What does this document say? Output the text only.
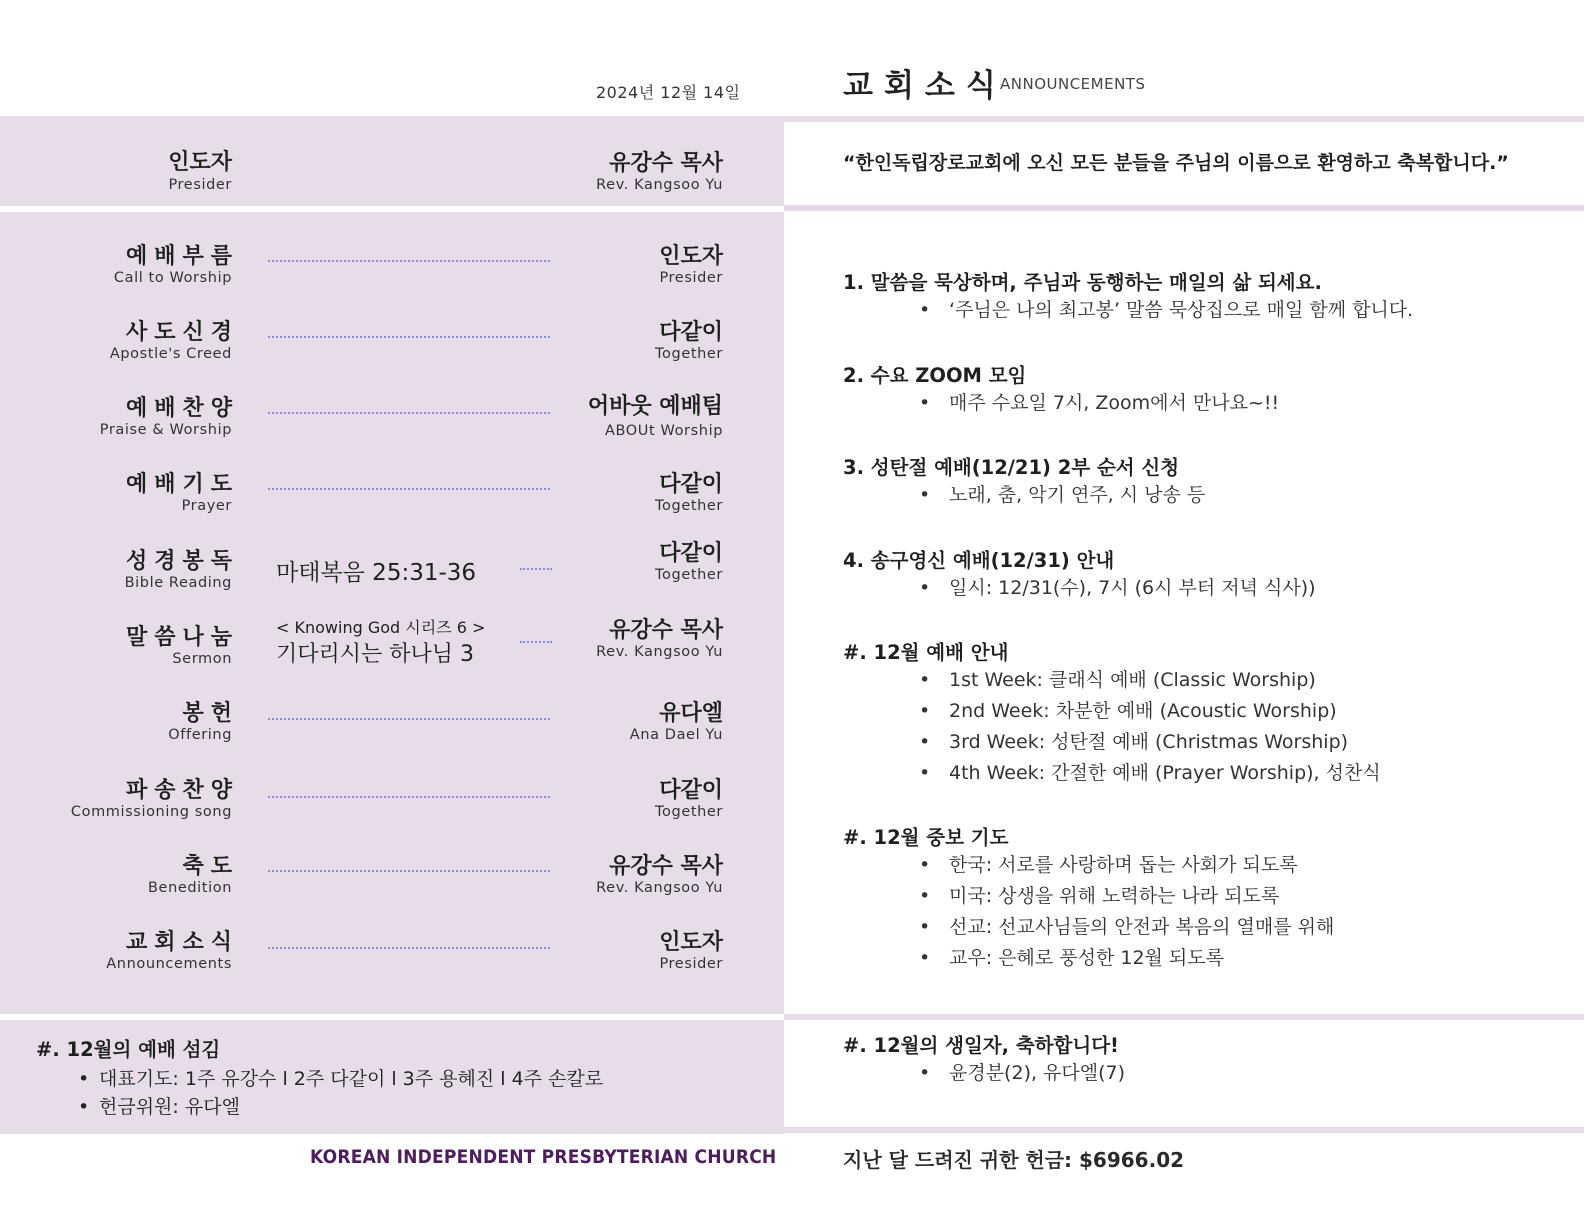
2024년 12월 14일	교회소식
ANNOUNCEMENTS
인도자
Presider
유강수 목사
Rev. Kangsoo Yu
예배부름
Call to Worship
인도자
Presider
사도신경
Apostle's Creed
다같이
Together
예배찬양
Praise & Worship
어바웃 예배팀
ABOUt Worship
예배기도
Prayer
다같이
Together
성경봉독
Bible Reading 마태복음 25:31-36
다같이
Together
말씀나눔
Sermon
< Knowing God 시리즈 6 >
기다리시는 하나님 3
유강수 목사
Rev. Kangsoo Yu
봉헌
Offering
유다엘
Ana Dael Yu
파송찬양
Commissioning song
다같이
Together
축도
Benedition
유강수 목사
Rev. Kangsoo Yu
교회소식
Announcements
인도자
Presider
#. 12월의 예배 섬김
• 대표기도: 1주 유강수 l 2주 다같이 l 3주 용혜진 l 4주 손칼로
• 헌금위원: 유다엘
KOREAN INDEPENDENT PRESBYTERIAN CHURCH	지난 달 드려진 귀한 헌금: $6966.02
“한인독립장로교회에 오신 모든 분들을 주님의 이름으로 환영하고 축복합니다.”
1. 말씀을 묵상하며, 주님과 동행하는 매일의 삶 되세요.
• ‘주님은 나의 최고봉’ 말씀 묵상집으로 매일 함께 합니다.
2. 수요 ZOOM 모임
• 매주 수요일 7시, Zoom에서 만나요~!!
3. 성탄절 예배(12/21) 2부 순서 신청
• 노래, 춤, 악기 연주, 시 낭송 등
4. 송구영신 예배(12/31) 안내
• 일시: 12/31(수), 7시 (6시 부터 저녁 식사))
#. 12월 예배 안내
• 1st Week: 클래식 예배 (Classic Worship)
• 2nd Week: 차분한 예배 (Acoustic Worship)
• 3rd Week: 성탄절 예배 (Christmas Worship)
• 4th Week: 간절한 예배 (Prayer Worship), 성찬식
#. 12월 중보 기도
• 한국: 서로를 사랑하며 돕는 사회가 되도록
• 미국: 상생을 위해 노력하는 나라 되도록
• 선교: 선교사님들의 안전과 복음의 열매를 위해
• 교우: 은혜로 풍성한 12월 되도록
#. 12월의 생일자, 축하합니다!
• 윤경분(2), 유다엘(7)
